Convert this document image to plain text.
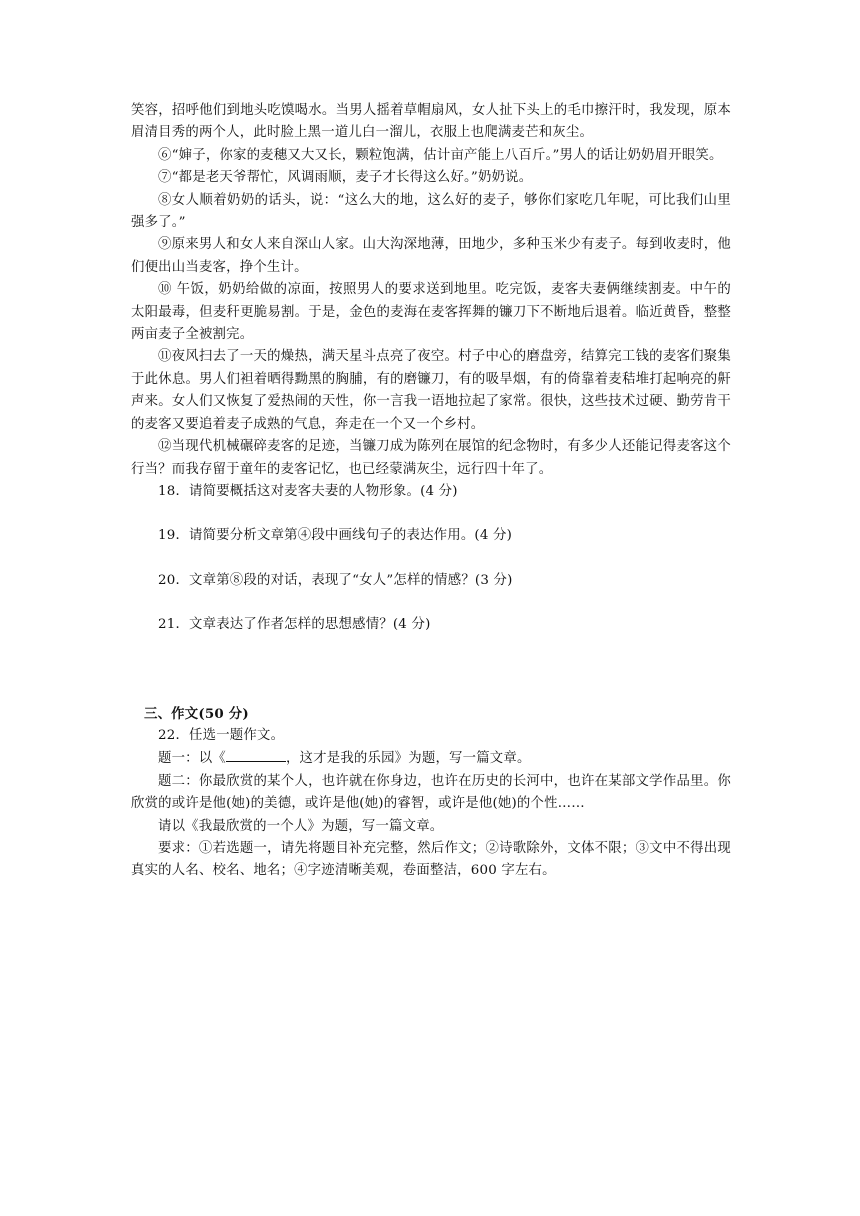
笑容，招呼他们到地头吃馍喝水。当男人摇着草帽扇风，女人扯下头上的毛巾擦汗时，我发现，原本眉清目秀的两个人，此时脸上黑一道儿白一溜儿，衣服上也爬满麦芒和灰尘。

⑥“婶子，你家的麦穗又大又长，颗粒饱满，估计亩产能上八百斤。”男人的话让奶奶眉开眼笑。

⑦“都是老天爷帮忙，风调雨顺，麦子才长得这么好。”奶奶说。

⑧女人顺着奶奶的话头，说：“这么大的地，这么好的麦子，够你们家吃几年呢，可比我们山里强多了。”

⑨原来男人和女人来自深山人家。山大沟深地薄，田地少，多种玉米少有麦子。每到收麦时，他们便出山当麦客，挣个生计。

⑩ 午饭，奶奶给做的凉面，按照男人的要求送到地里。吃完饭，麦客夫妻俩继续割麦。中午的太阳最毒，但麦秆更脆易割。于是，金色的麦海在麦客挥舞的镰刀下不断地后退着。临近黄昏，整整两亩麦子全被割完。

⑪夜风扫去了一天的燥热，满天星斗点亮了夜空。村子中心的磨盘旁，结算完工钱的麦客们聚集于此休息。男人们袒着晒得黝黑的胸脯，有的磨镰刀，有的吸旱烟，有的倚靠着麦秸堆打起响亮的鼾声来。女人们又恢复了爱热闹的天性，你一言我一语地拉起了家常。很快，这些技术过硬、勤劳肯干的麦客又要追着麦子成熟的气息，奔走在一个又一个乡村。

⑫当现代机械碾碎麦客的足迹，当镰刀成为陈列在展馆的纪念物时，有多少人还能记得麦客这个行当？而我存留于童年的麦客记忆，也已经蒙满灰尘，远行四十年了。

18．请简要概括这对麦客夫妻的人物形象。(4 分)

19．请简要分析文章第④段中画线句子的表达作用。(4 分)

20．文章第⑧段的对话，表现了“女人”怎样的情感？(3 分)

21．文章表达了作者怎样的思想感情？(4 分)

三、作文(50 分)

22．任选一题作文。

题一：以《	，这才是我的乐园》为题，写一篇文章。

题二：你最欣赏的某个人，也许就在你身边，也许在历史的长河中，也许在某部文学作品里。你欣赏的或许是他(她)的美德，或许是他(她)的睿智，或许是他(她)的个性……

请以《我最欣赏的一个人》为题，写一篇文章。

要求：①若选题一，请先将题目补充完整，然后作文；②诗歌除外，文体不限；③文中不得出现真实的人名、校名、地名；④字迹清晰美观，卷面整洁，600 字左右。
